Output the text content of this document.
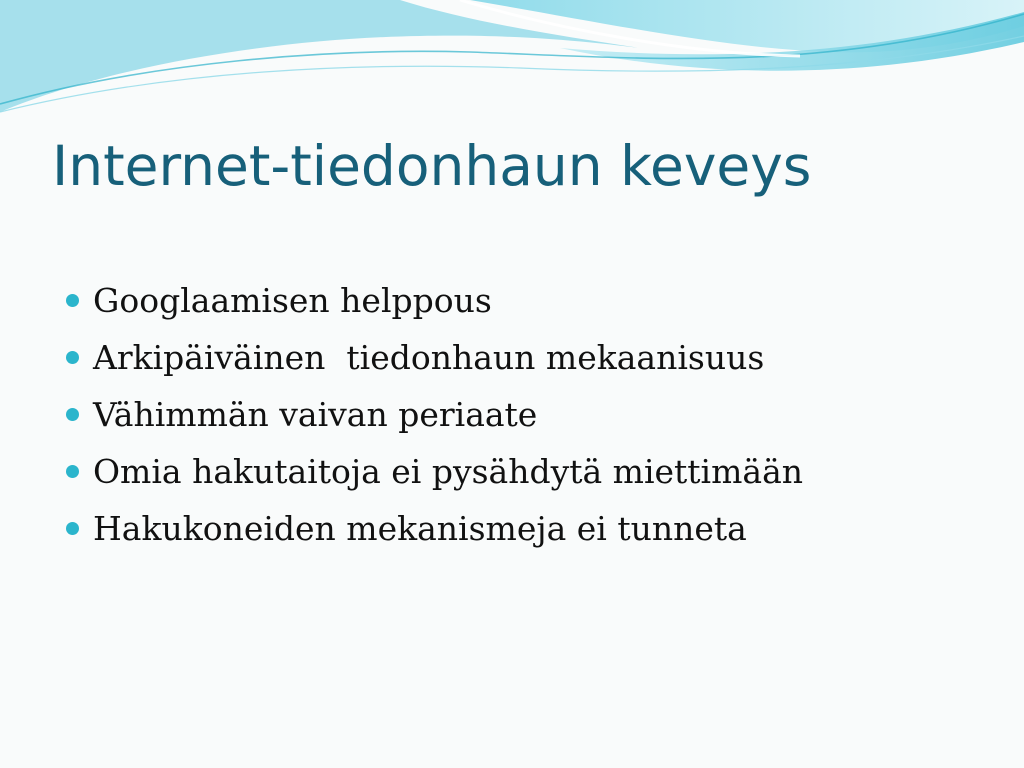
Internet-tiedonhaun keveys
Googlaamisen helppous
Arkipäiväinen  tiedonhaun mekaanisuus
Vähimmän vaivan periaate
Omia hakutaitoja ei pysähdytä miettimään
Hakukoneiden mekanismeja ei tunneta
